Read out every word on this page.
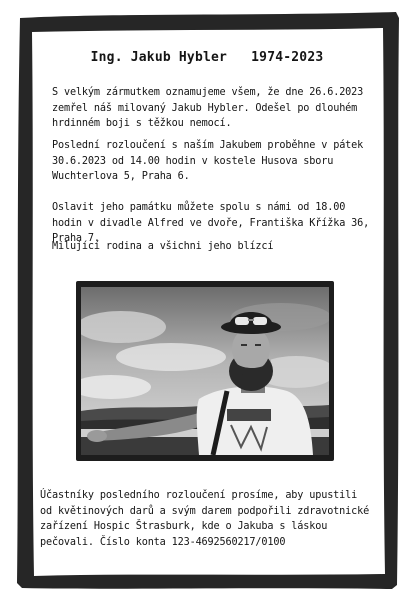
Ing. Jakub Hybler   1974-2023
S velkým zármutkem oznamujeme všem, že dne 26.6.2023
zemřel náš milovaný Jakub Hybler. Odešel po dlouhém
hrdinném boji s těžkou nemocí.
Poslední rozloučení s naším Jakubem proběhne v pátek
30.6.2023 od 14.00 hodin v kostele Husova sboru
Wuchterlova 5, Praha 6.
Oslavit jeho památku můžete spolu s námi od 18.00
hodin v divadle Alfred ve dvoře, Františka Křížka 36,
Praha 7.
Milující rodina a všichni jeho blízcí
Účastníky posledního rozloučení prosíme, aby upustili
od květinových darů a svým darem podpořili zdravotnické
zařízení Hospic Štrasburk, kde o Jakuba s láskou
pečovali. Číslo konta 123-4692560217/0100
